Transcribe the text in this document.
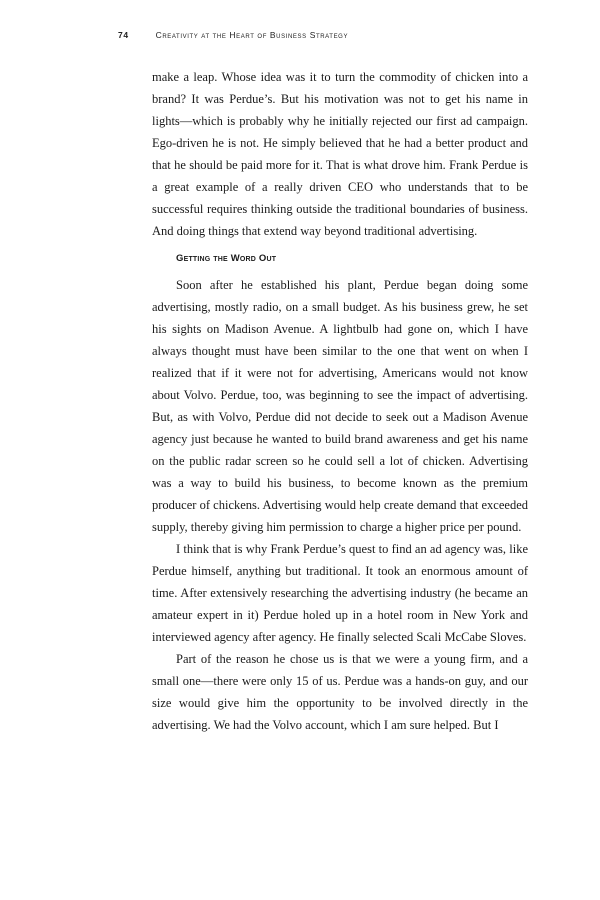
74	Creativity at the Heart of Business Strategy

make a leap. Whose idea was it to turn the commodity of chicken into a brand? It was Perdue’s. But his motivation was not to get his name in lights—which is probably why he initially rejected our first ad campaign. Ego-driven he is not. He simply believed that he had a better product and that he should be paid more for it. That is what drove him. Frank Perdue is a great example of a really driven CEO who understands that to be successful requires thinking outside the traditional boundaries of business. And doing things that extend way beyond traditional advertising.

Getting the Word Out

Soon after he established his plant, Perdue began doing some advertising, mostly radio, on a small budget. As his business grew, he set his sights on Madison Avenue. A lightbulb had gone on, which I have always thought must have been similar to the one that went on when I realized that if it were not for advertising, Americans would not know about Volvo. Perdue, too, was beginning to see the impact of advertising. But, as with Volvo, Perdue did not decide to seek out a Madison Avenue agency just because he wanted to build brand awareness and get his name on the public radar screen so he could sell a lot of chicken. Advertising was a way to build his business, to become known as the premium producer of chickens. Advertising would help create demand that exceeded supply, thereby giving him permission to charge a higher price per pound.

I think that is why Frank Perdue’s quest to find an ad agency was, like Perdue himself, anything but traditional. It took an enormous amount of time. After extensively researching the advertising industry (he became an amateur expert in it) Perdue holed up in a hotel room in New York and interviewed agency after agency. He finally selected Scali McCabe Sloves.

Part of the reason he chose us is that we were a young firm, and a small one—there were only 15 of us. Perdue was a hands-on guy, and our size would give him the opportunity to be involved directly in the advertising. We had the Volvo account, which I am sure helped. But I
